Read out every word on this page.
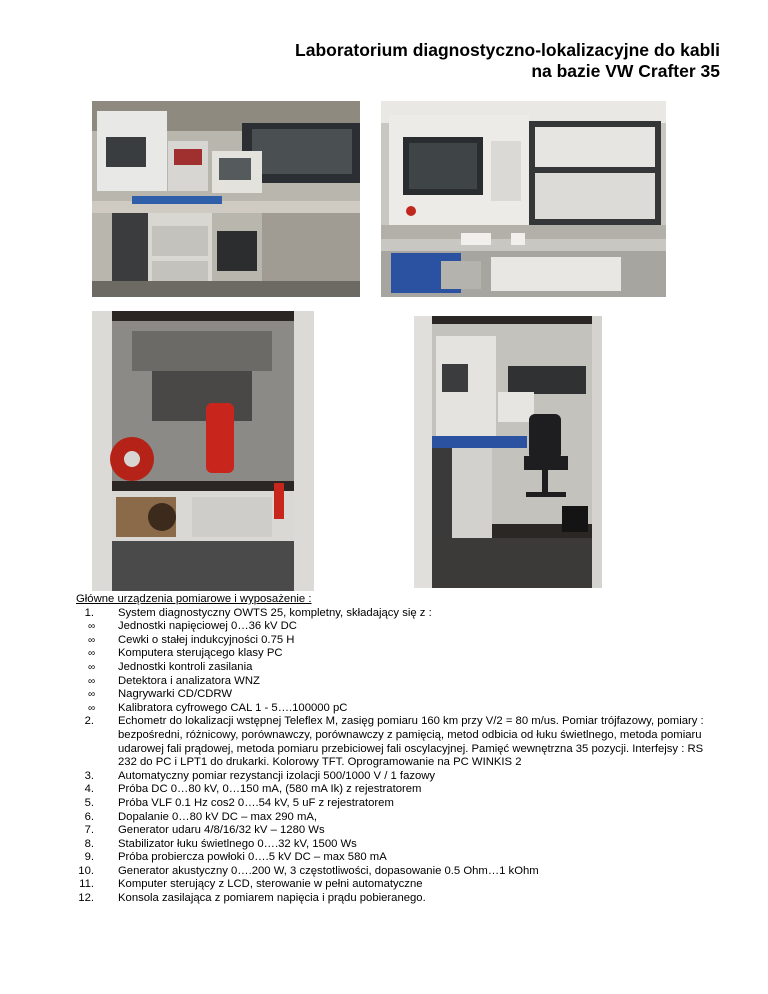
Laboratorium diagnostyczno-lokalizacyjne do kabli
na bazie VW Crafter 35
Główne urządzenia pomiarowe i wyposażenie :
1. System diagnostyczny OWTS 25, kompletny, składający się z :
∞ Jednostki napięciowej 0…36 kV DC
∞ Cewki o stałej indukcyjności 0.75 H
∞ Komputera sterującego klasy PC
∞ Jednostki kontroli zasilania
∞ Detektora i analizatora WNZ
∞ Nagrywarki CD/CDRW
∞ Kalibratora cyfrowego CAL 1 - 5….100000 pC
2. Echometr do lokalizacji wstępnej Teleflex M, zasięg pomiaru 160 km przy V/2 = 80 m/us. Pomiar trójfazowy, pomiary : bezpośredni, różnicowy, porównawczy, porównawczy z pamięcią, metod odbicia od łuku świetlnego, metoda pomiaru udarowej fali prądowej, metoda pomiaru przebiciowej fali oscylacyjnej. Pamięć wewnętrzna 35 pozycji. Interfejsy : RS 232 do PC i LPT1 do drukarki. Kolorowy TFT. Oprogramowanie na PC WINKIS 2
3. Automatyczny pomiar rezystancji izolacji 500/1000 V / 1 fazowy
4. Próba DC 0…80 kV, 0…150 mA, (580 mA Ik) z rejestratorem
5. Próba VLF 0.1 Hz cos2 0….54 kV, 5 uF z rejestratorem
6. Dopalanie 0…80 kV DC – max 290 mA,
7. Generator udaru 4/8/16/32 kV – 1280 Ws
8. Stabilizator łuku świetlnego 0….32 kV, 1500 Ws
9. Próba probiercza powłoki 0….5 kV DC – max 580 mA
10. Generator akustyczny 0….200 W, 3 częstotliwości, dopasowanie 0.5 Ohm…1 kOhm
11. Komputer sterujący z LCD, sterowanie w pełni automatyczne
12. Konsola zasilająca z pomiarem napięcia i prądu pobieranego.
